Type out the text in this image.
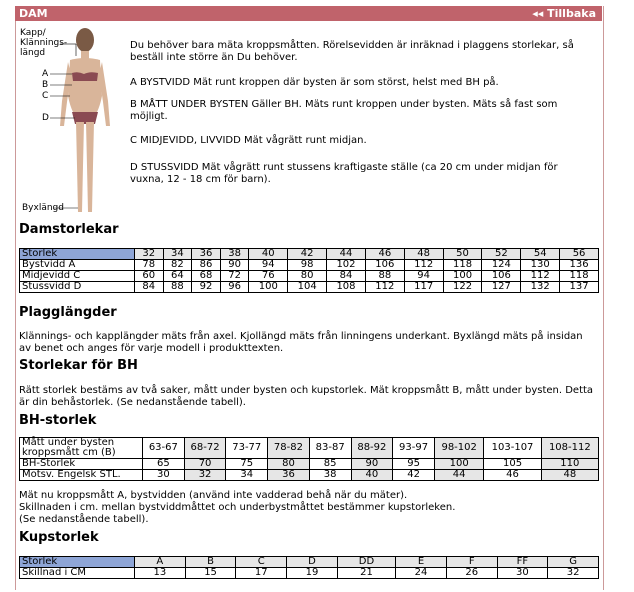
DAM	◂◂ Tillbaka
Kapp/
Klännings-
längd
A
B
C
D
Byxlängd
Du behöver bara mäta kroppsmåtten. Rörelsevidden är inräknad i plaggens storlekar, så beställ inte större än Du behöver.
A BYSTVIDD Mät runt kroppen där bysten är som störst, helst med BH på.
B MÅTT UNDER BYSTEN Gäller BH. Mäts runt kroppen under bysten. Mäts så fast som möjligt.
C MIDJEVIDD, LIVVIDD Mät vågrätt runt midjan.
D STUSSVIDD Mät vågrätt runt stussens kraftigaste ställe (ca 20 cm under midjan för vuxna, 12 - 18 cm för barn).
Damstorlekar
Storlek	32	34	36	38	40	42	44	46	48	50	52	54	56
Bystvidd A	78	82	86	90	94	98	102	106	112	118	124	130	136
Midjevidd C	60	64	68	72	76	80	84	88	94	100	106	112	118
Stussvidd D	84	88	92	96	100	104	108	112	117	122	127	132	137
Plagglängder

Klännings- och kapplängder mäts från axel. Kjollängd mäts från linningens underkant. Byxlängd mäts på insidan av benet och anges för varje modell i produkttexten.

Storlekar för BH

Rätt storlek bestäms av två saker, mått under bysten och kupstorlek. Mät kroppsmått B, mått under bysten. Detta är din behåstorlek. (Se nedanstående tabell).

BH-storlek
Mått under bysten kroppsmått cm (B)	63-67	68-72	73-77	78-82	83-87	88-92	93-97	98-102	103-107	108-112
BH-Storlek	65	70	75	80	85	90	95	100	105	110
Motsv. Engelsk STL.	30	32	34	36	38	40	42	44	46	48

Mät nu kroppsmått A, bystvidden (använd inte vadderad behå när du mäter).

Skillnaden i cm. mellan bystviddmåttet och underbystmåttet bestämmer kupstorleken.

(Se nedanstående tabell).

Kupstorlek
Storlek	A	B	C	D	DD	E	F	FF	G
Skillnad i CM	13	15	17	19	21	24	26	30	32
